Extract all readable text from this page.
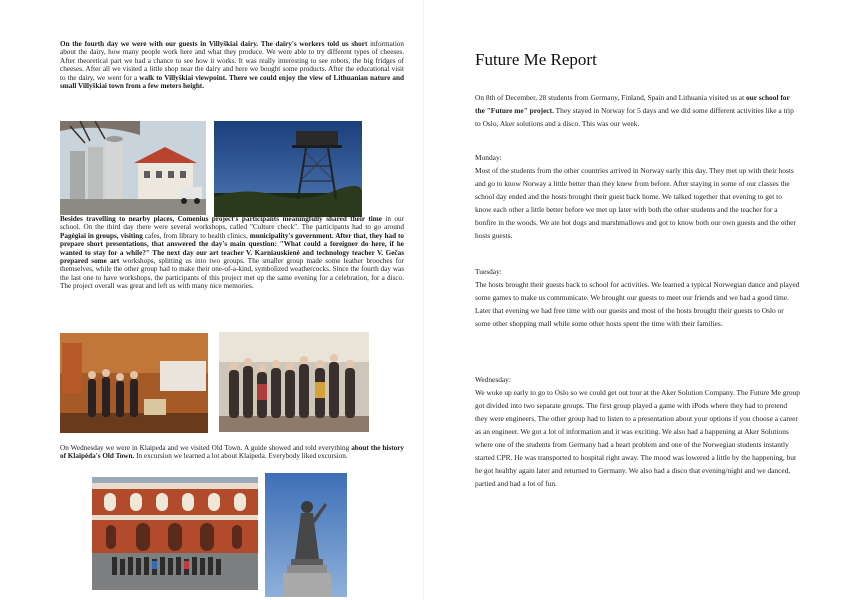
On the fourth day we were with our guests in Villyškiai dairy. The dairy's workers told us short information about the dairy, how many people work here and what they produce. We were able to try different types of cheeses. After theoretical part we had a chance to see how it works. It was really interesting to see robots, the big fridges of cheeses. After all we visited a little shop near the dairy and here we bought some products. After the educational visit to the dairy, we went for a walk to Villyškiai viewpoint. There we could enjoy the view of Lithuanian nature and small Villyškiai town from a few meters height.

Besides travelling to nearby places, Comenius project's participants meaningfully shared their time in our school. On the third day there were several workshops, called "Culture check". The participants had to go around Pagėgiai in groups, visiting cafes, from library to health clinics, municipality's government. After that, they had to prepare short presentations, that answered the day's main question: "What could a foreigner do here, if he wanted to stay for a while?" The next day our art teacher V. Karniauskienė and technology teacher V. Gečas prepared some art workshops, splitting us into two groups. The smaller group made some leather brooches for themselves, while the other group had to make their one-of-a-kind, symbolized weathercocks. Since the fourth day was the last one to have workshops, the participants of this project met up the same evening for a celebration, for a disco. The project overall was great and left us with many nice memories.

On Wednesday we were in Klaipeda and we visited Old Town. A guide showed and told everything about the history of Klaipėda's Old Town. In excursion we learned a lot about Klaipeda. Everybody liked excursion.

Future Me Report

On 8th of December, 28 students from Germany, Finland, Spain and Lithuania visited us at our school for the "Future me" project. They stayed in Norway for 5 days and we did some different activities like a trip to Oslo, Aker solutions and a disco. This was our week.

Monday:
Most of the students from the other countries arrived in Norway early this day. They met up with their hosts and go to know Norway a little better than they knew from before. After staying in some of our classes the school day ended and the hosts brought their guest back home. We talked together that evening to get to know each other a little better before we met up later with both the other students and the teacher for a bonfire in the woods. We ate hot dogs and marshmallows and got to know both our own guests and the other hosts guests.

Tuesday:
The hosts brought their guests back to school for activities. We learned a typical Norwegian dance and played some games to make us communicate. We brought our guests to meet our friends and we had a good time. Later that evening we had free time with our guests and most of the hosts brought their guests to Oslo or some other shopping mall while some other hosts spent the time with their families.

Wednesday:
We woke up early to go to Oslo so we could get out tour at the Aker Solution Company. The Future Me group got divided into two separate groups. The first group played a game with iPods where they had to pretend they were engineers. The other group had to listen to a presentation about your options if you choose a career as an engineer. We got a lot of information and it was exciting. We also had a happening at Aker Solutions where one of the students from Germany had a heart problem and one of the Norwegian students instantly started CPR. He was transported to hospital right away. The mood was lowered a little by the happening, but he got healthy again later and returned to Germany. We also had a disco that evening/night and we danced, partied and had a lot of fun.
